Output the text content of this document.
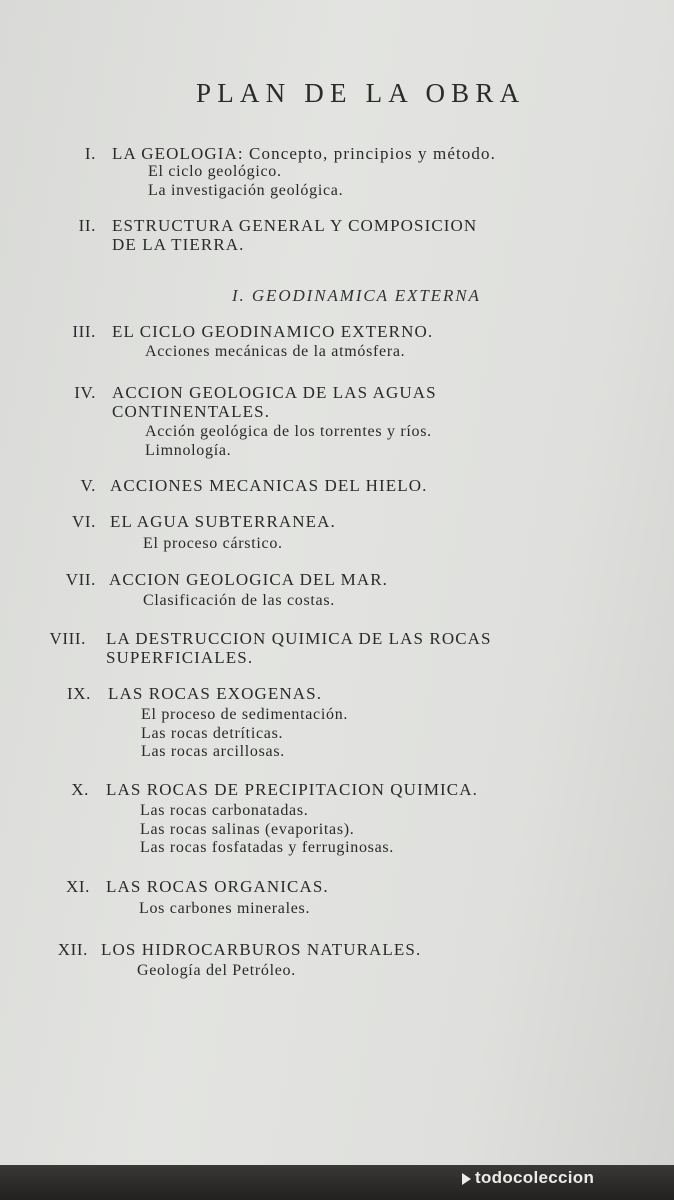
PLAN DE LA OBRA
I. GEODINAMICA EXTERNA
I. LA GEOLOGIA: Concepto, principios y método.
El ciclo geológico.
La investigación geológica.
II. ESTRUCTURA GENERAL Y COMPOSICION
DE LA TIERRA.
III. EL CICLO GEODINAMICO EXTERNO.
Acciones mecánicas de la atmósfera.
IV. ACCION GEOLOGICA DE LAS AGUAS
CONTINENTALES.
Acción geológica de los torrentes y ríos.
Limnología.
V. ACCIONES MECANICAS DEL HIELO.
VI. EL AGUA SUBTERRANEA.
El proceso cárstico.
VII. ACCION GEOLOGICA DEL MAR.
Clasificación de las costas.
VIII. LA DESTRUCCION QUIMICA DE LAS ROCAS
SUPERFICIALES.
IX. LAS ROCAS EXOGENAS.
El proceso de sedimentación.
Las rocas detríticas.
Las rocas arcillosas.
X. LAS ROCAS DE PRECIPITACION QUIMICA.
Las rocas carbonatadas.
Las rocas salinas (evaporitas).
Las rocas fosfatadas y ferruginosas.
XI. LAS ROCAS ORGANICAS.
Los carbones minerales.
XII. LOS HIDROCARBUROS NATURALES.
Geología del Petróleo.
todocoleccion
